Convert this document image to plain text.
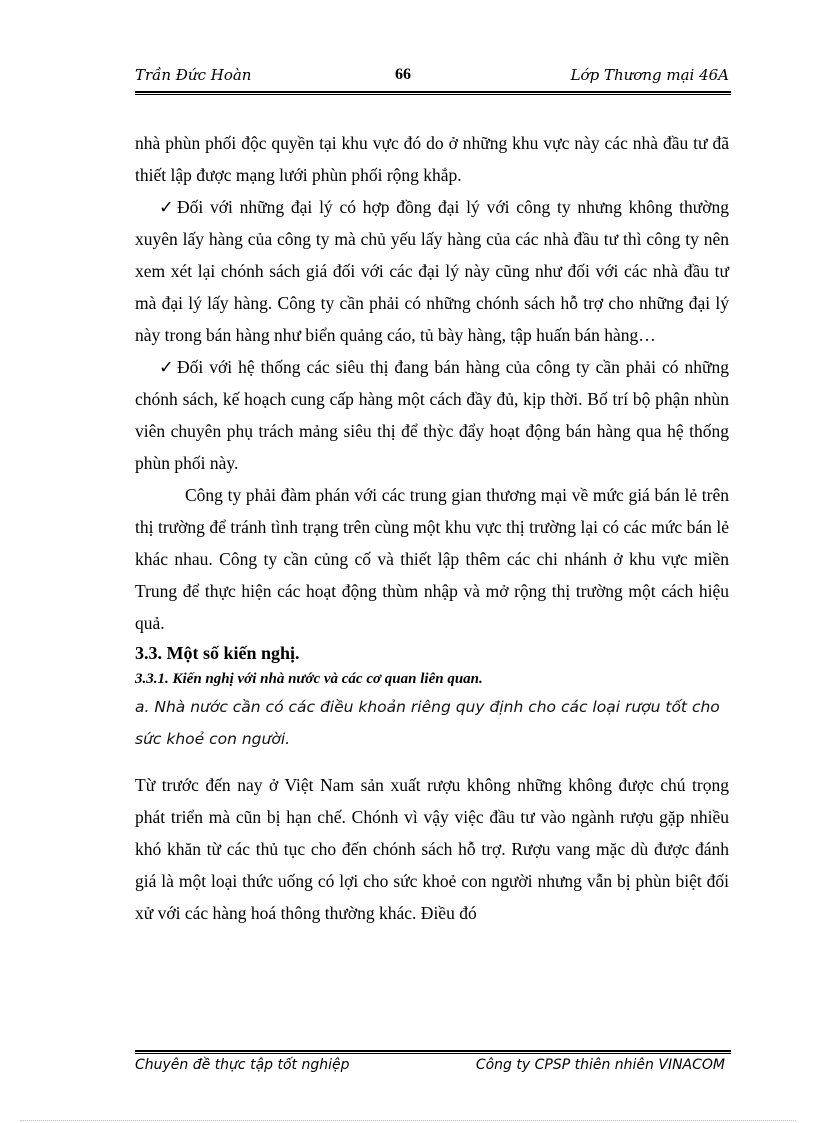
Trần Đức Hoàn	66	Lớp Thương mại 46A

nhà phùn phối độc quyền tại khu vực đó do ở những khu vực này các nhà đầu tư đã thiết lập được mạng lưới phùn phối rộng khắp.

✓ Đối với những đại lý có hợp đồng đại lý với công ty nhưng không thường xuyên lấy hàng của công ty mà chủ yếu lấy hàng của các nhà đầu tư thì công ty nên xem xét lại chónh sách giá đối với các đại lý này cũng như đối với các nhà đầu tư mà đại lý lấy hàng. Công ty cần phải có những chónh sách hỗ trợ cho những đại lý này trong bán hàng như biển quảng cáo, tủ bày hàng, tập huấn bán hàng…

✓ Đối với hệ thống các siêu thị đang bán hàng của công ty cần phải có những chónh sách, kế hoạch cung cấp hàng một cách đầy đủ, kịp thời. Bố trí bộ phận nhùn viên chuyên phụ trách mảng siêu thị để thỳc đẩy hoạt động bán hàng qua hệ thống phùn phối này.

Công ty phải đàm phán với các trung gian thương mại về mức giá bán lẻ trên thị trường để tránh tình trạng trên cùng một khu vực thị trường lại có các mức bán lẻ khác nhau. Công ty cần củng cố và thiết lập thêm các chi nhánh ở khu vực miền Trung để thực hiện các hoạt động thùm nhập và mở rộng thị trường một cách hiệu quả.

3.3. Một số kiến nghị.

3.3.1. Kiến nghị với nhà nước và các cơ quan liên quan.

a. Nhà nước cần có các điều khoản riêng quy định cho các loại rượu tốt cho sức khoẻ con người.

Từ trước đến nay ở Việt Nam sản xuất rượu không những không được chú trọng phát triển mà cũn bị hạn chế. Chónh vì vậy việc đầu tư vào ngành rượu gặp nhiều khó khăn từ các thủ tục cho đến chónh sách hỗ trợ. Rượu vang mặc dù được đánh giá là một loại thức uống có lợi cho sức khoẻ con người nhưng vẫn bị phùn biệt đối xử với các hàng hoá thông thường khác. Điều đó

Chuyên đề thực tập tốt nghiệp	Công ty CPSP thiên nhiên VINACOM
